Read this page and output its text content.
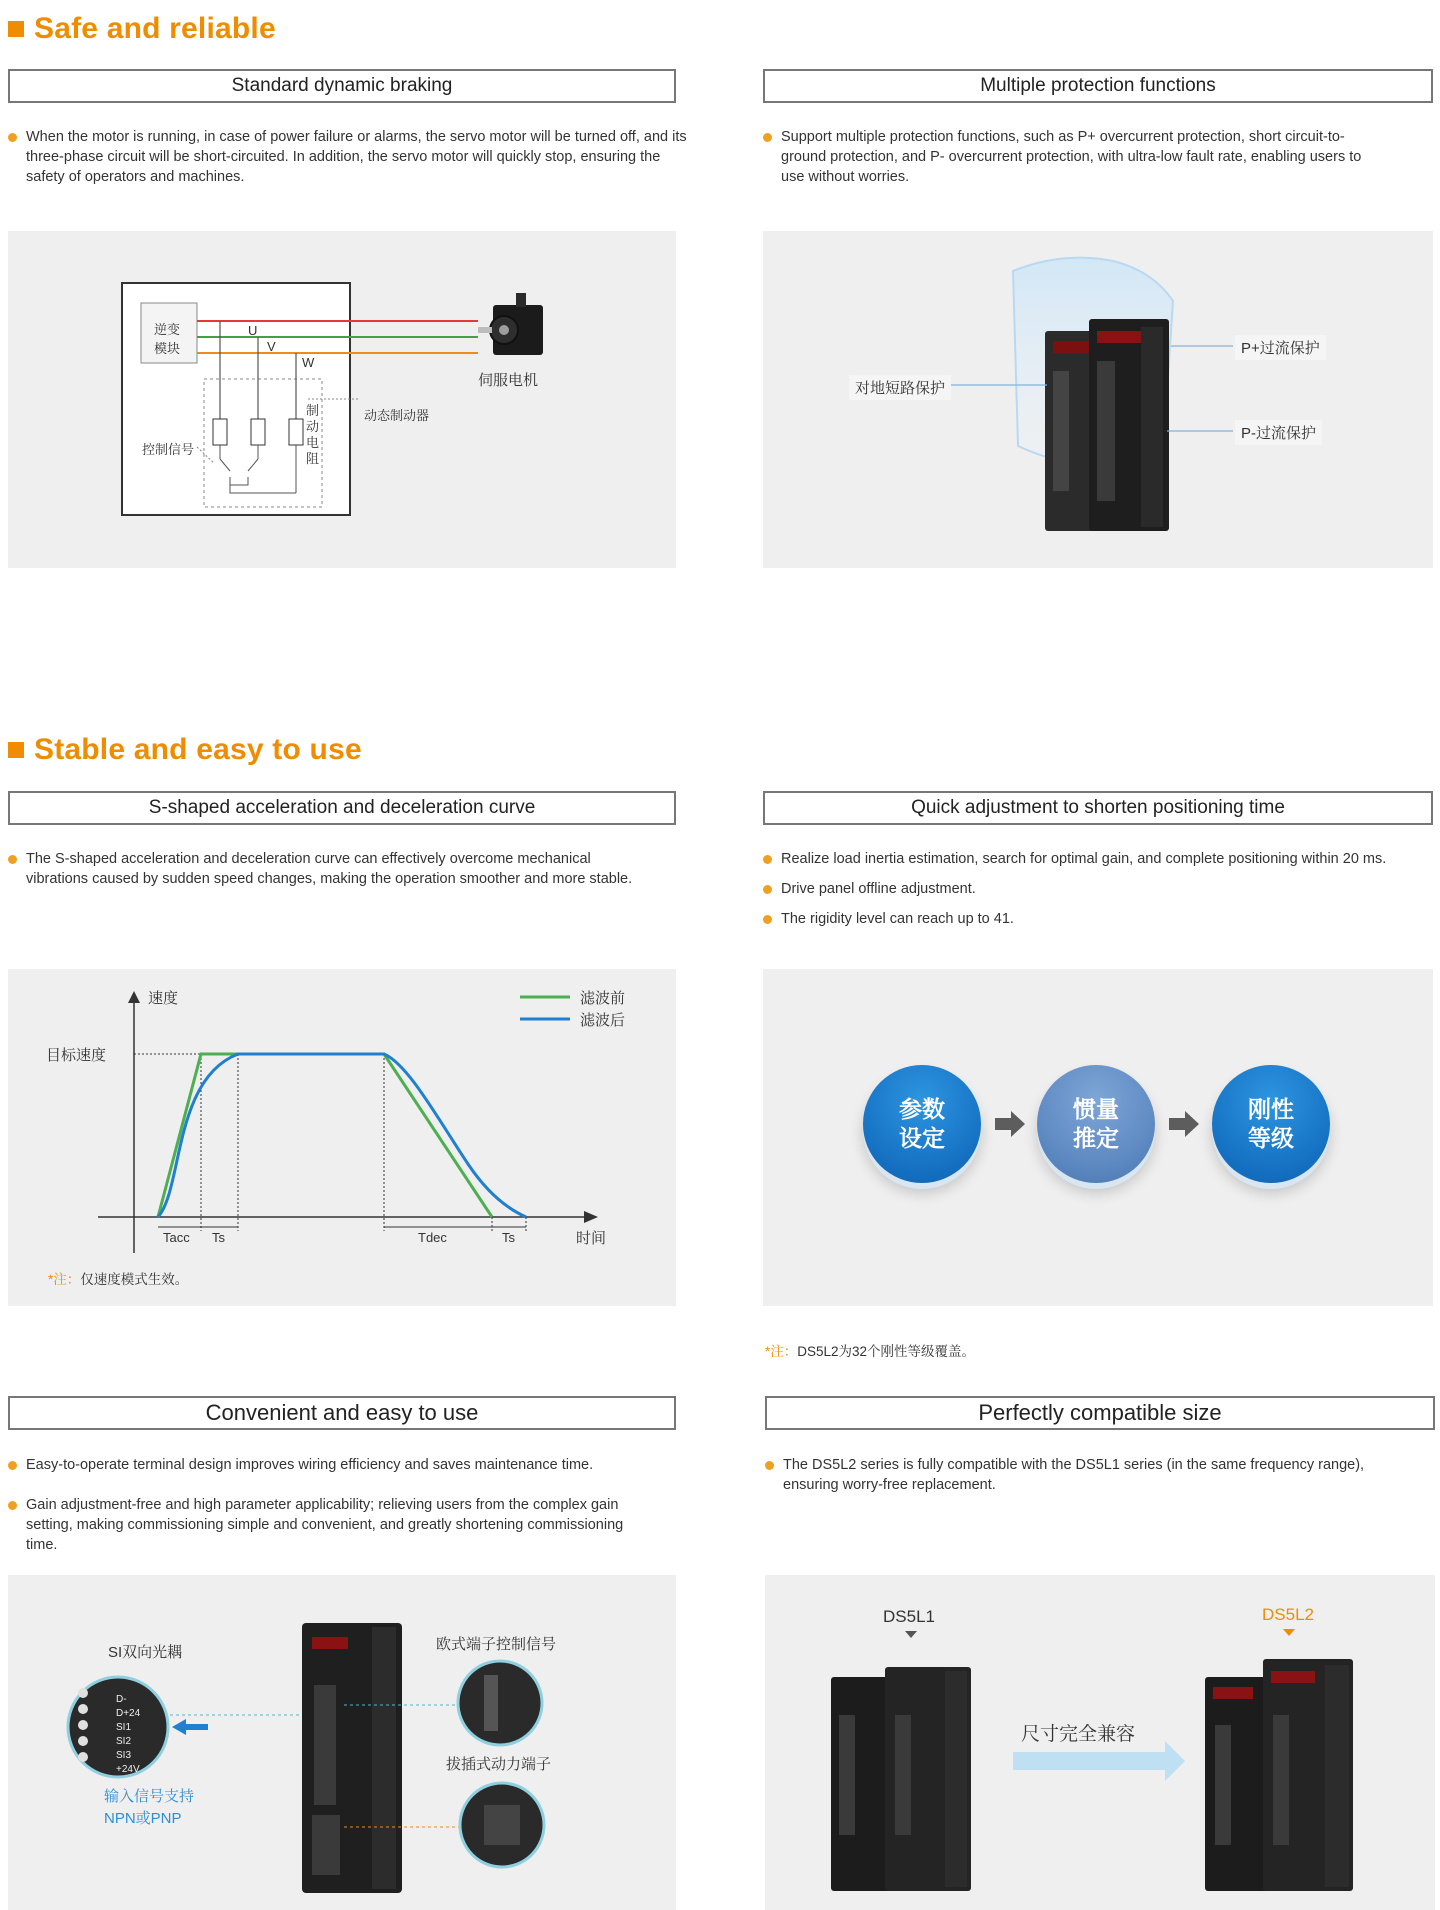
Safe and reliable
Standard dynamic braking	Multiple protection functions
When the motor is running, in case of power failure or alarms, the servo motor will be turned off, and its three-phase circuit will be short-circuited. In addition, the servo motor will quickly stop, ensuring the safety of operators and machines.
Support multiple protection functions, such as P+ overcurrent protection, short circuit-to-ground protection, and P- overcurrent protection, with ultra-low fault rate, enabling users to use without worries.
逆变
模块
U
V
W
伺服电机
控制信号
动态制动器
制
动
电
阻
对地短路保护
P+过流保护
P-过流保护
Stable and easy to use
S-shaped acceleration and deceleration curve	Quick adjustment to shorten positioning time
The S-shaped acceleration and deceleration curve can effectively overcome mechanical vibrations caused by sudden speed changes, making the operation smoother and more stable.
Realize load inertia estimation, search for optimal gain, and complete positioning within 20 ms.
Drive panel offline adjustment.
The rigidity level can reach up to 41.
速度
时间
目标速度
滤波前
滤波后
Tacc Ts	Tdec	Ts
*注：仅速度模式生效。
参数
设定
惯量
推定
刚性
等级
*注：DS5L2为32个刚性等级覆盖。
Convenient and easy to use	Perfectly compatible size
Easy-to-operate terminal design improves wiring efficiency and saves maintenance time.
Gain adjustment-free and high parameter applicability; relieving users from the complex gain setting, making commissioning simple and convenient, and greatly shortening commissioning time.
The DS5L2 series is fully compatible with the DS5L1 series (in the same frequency range), ensuring worry-free replacement.
SI双向光耦
D-
D+24
SI1
SI2
SI3
+24V
输入信号支持
NPN或PNP
欧式端子控制信号
拔插式动力端子
DS5L1	DS5L2
尺寸完全兼容
